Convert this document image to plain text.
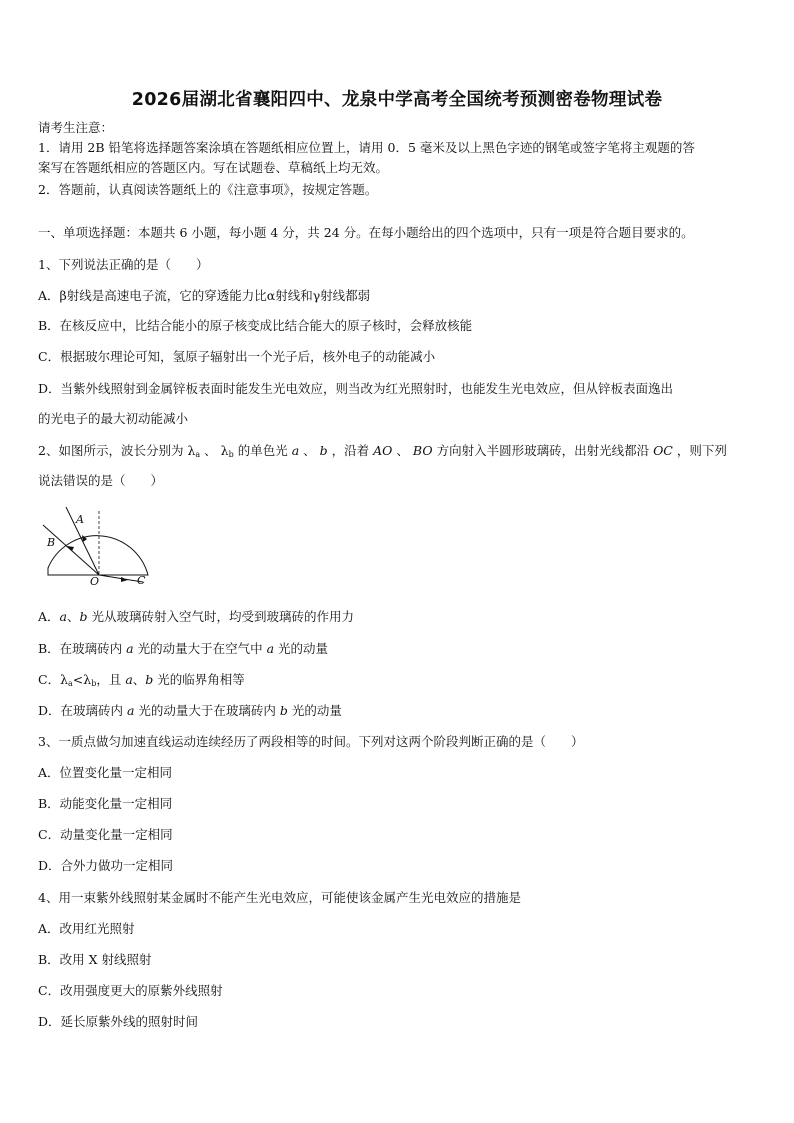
2026届湖北省襄阳四中、龙泉中学高考全国统考预测密卷物理试卷
请考生注意：
1．请用 2B 铅笔将选择题答案涂填在答题纸相应位置上，请用 0．5 毫米及以上黑色字迹的钢笔或签字笔将主观题的答
案写在答题纸相应的答题区内。写在试题卷、草稿纸上均无效。
2．答题前，认真阅读答题纸上的《注意事项》，按规定答题。
一、单项选择题：本题共 6 小题，每小题 4 分，共 24 分。在每小题给出的四个选项中，只有一项是符合题目要求的。
1、下列说法正确的是（　　）
A．β射线是高速电子流，它的穿透能力比α射线和γ射线都弱
B．在核反应中，比结合能小的原子核变成比结合能大的原子核时，会释放核能
C．根据玻尔理论可知，氢原子辐射出一个光子后，核外电子的动能减小
D．当紫外线照射到金属锌板表面时能发生光电效应，则当改为红光照射时，也能发生光电效应，但从锌板表面逸出
的光电子的最大初动能减小
2、如图所示，波长分别为 $\lambda_a$ 、 $\lambda_b$ 的单色光 a 、 b ，沿着 AO 、 BO 方向射入半圆形玻璃砖，出射光线都沿 OC ，则下列
说法错误的是（　　）
A
B
O	C
A．a、b 光从玻璃砖射入空气时，均受到玻璃砖的作用力
B．在玻璃砖内 a 光的动量大于在空气中 a 光的动量
C．$\lambda_a<\lambda_b$，且 a、b 光的临界角相等
D．在玻璃砖内 a 光的动量大于在玻璃砖内 b 光的动量
3、一质点做匀加速直线运动连续经历了两段相等的时间。下列对这两个阶段判断正确的是（　　）
A．位置变化量一定相同
B．动能变化量一定相同
C．动量变化量一定相同
D．合外力做功一定相同
4、用一束紫外线照射某金属时不能产生光电效应，可能使该金属产生光电效应的措施是
A．改用红光照射
B．改用 X 射线照射
C．改用强度更大的原紫外线照射
D．延长原紫外线的照射时间
